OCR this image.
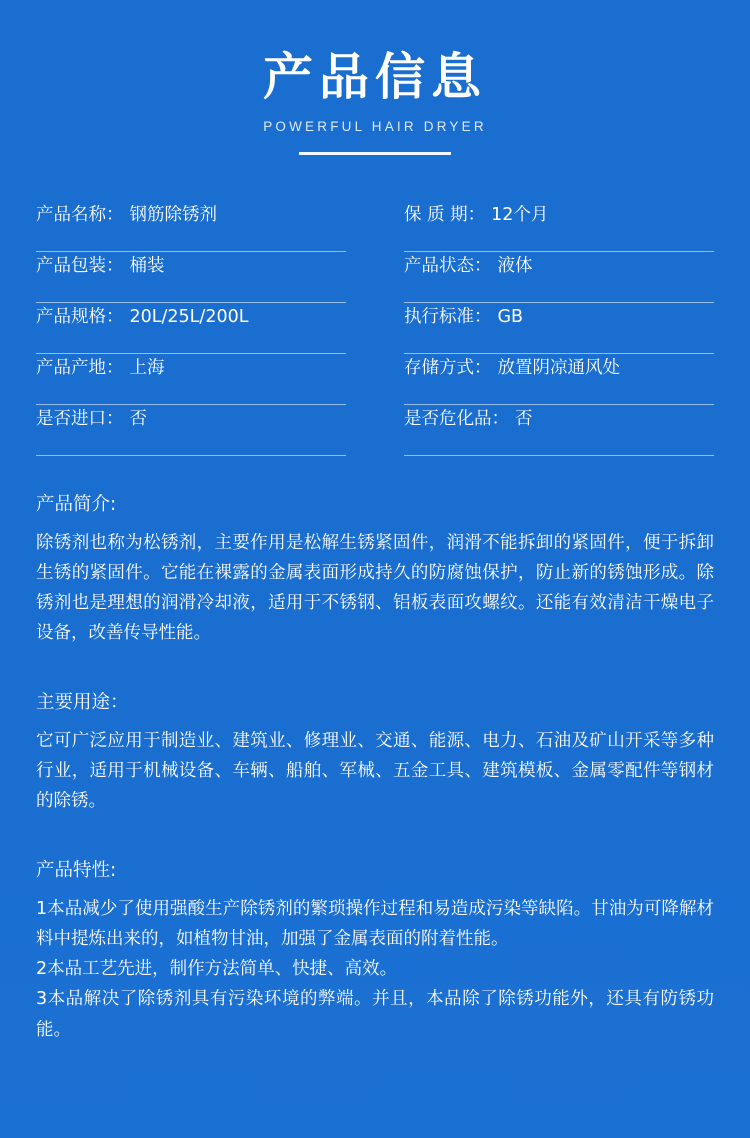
产品信息
POWERFUL HAIR DRYER
产品名称： 钢筋除锈剂	保 质 期： 12个月
产品包装： 桶装	产品状态： 液体
产品规格： 20L/25L/200L	执行标准： GB
产品产地： 上海	存储方式： 放置阴凉通风处
是否进口： 否	是否危化品： 否
产品简介:
除锈剂也称为松锈剂，主要作用是松解生锈紧固件，润滑不能拆卸的紧固件，便于拆卸生锈的紧固件。它能在裸露的金属表面形成持久的防腐蚀保护，防止新的锈蚀形成。除锈剂也是理想的润滑冷却液，适用于不锈钢、铝板表面攻螺纹。还能有效清洁干燥电子设备，改善传导性能。
主要用途：
它可广泛应用于制造业、建筑业、修理业、交通、能源、电力、石油及矿山开采等多种行业，适用于机械设备、车辆、船舶、军械、五金工具、建筑模板、金属零配件等钢材的除锈。
产品特性:

1本品减少了使用强酸生产除锈剂的繁琐操作过程和易造成污染等缺陷。甘油为可降解材料中提炼出来的，如植物甘油，加强了金属表面的附着性能。

2本品工艺先进，制作方法简单、快捷、高效。

3本品解决了除锈剂具有污染环境的弊端。并且，本品除了除锈功能外，还具有防锈功能。
